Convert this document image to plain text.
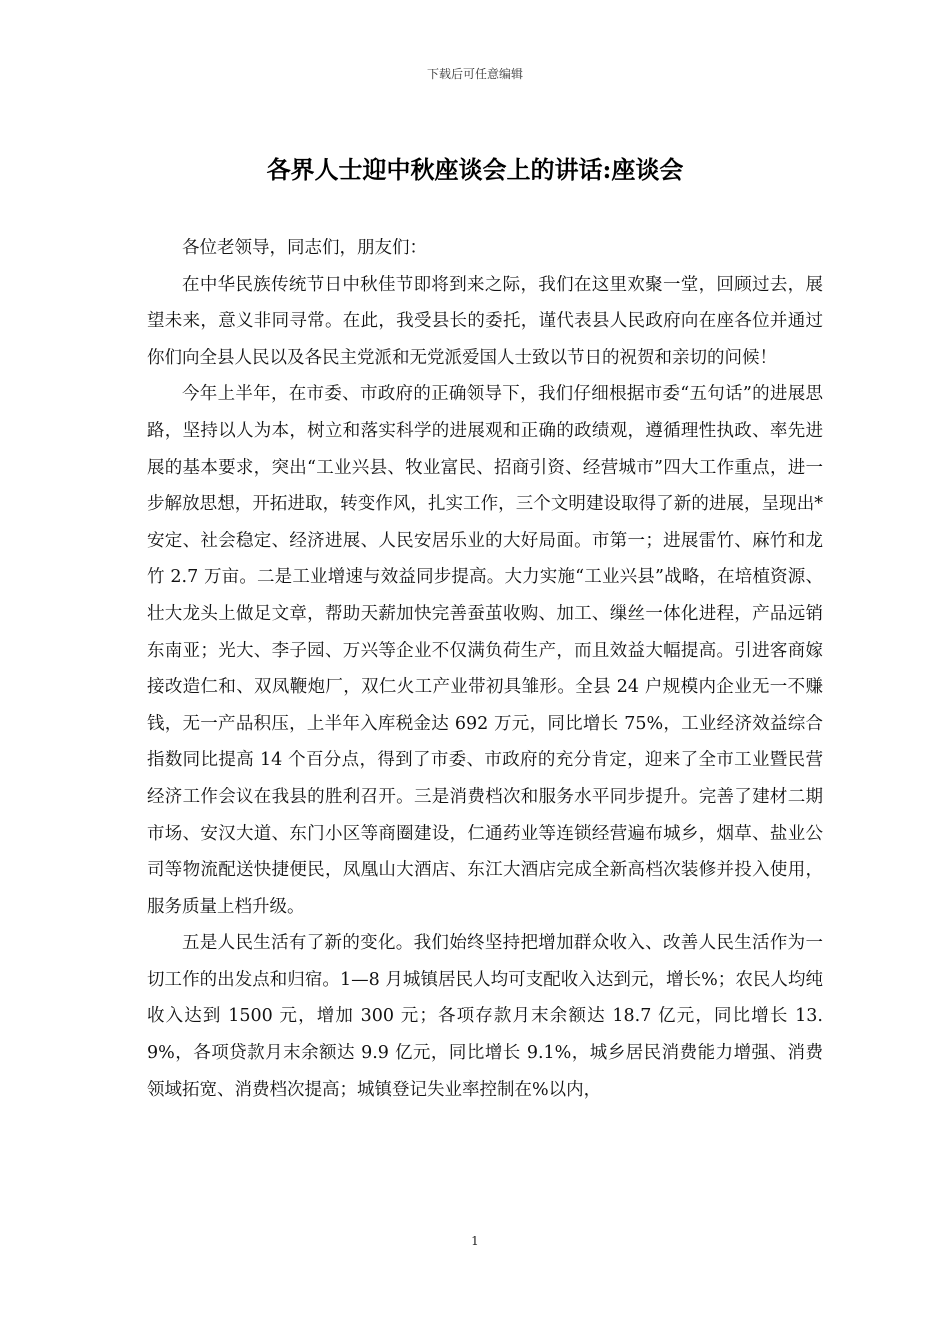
下载后可任意编辑
各界人士迎中秋座谈会上的讲话:座谈会

各位老领导，同志们，朋友们：

在中华民族传统节日中秋佳节即将到来之际，我们在这里欢聚一堂，回顾过去，展望未来，意义非同寻常。在此，我受县长的委托，谨代表县人民政府向在座各位并通过你们向全县人民以及各民主党派和无党派爱国人士致以节日的祝贺和亲切的问候！

今年上半年，在市委、市政府的正确领导下，我们仔细根据市委“五句话”的进展思路，坚持以人为本，树立和落实科学的进展观和正确的政绩观，遵循理性执政、率先进展的基本要求，突出“工业兴县、牧业富民、招商引资、经营城市”四大工作重点，进一步解放思想，开拓进取，转变作风，扎实工作，三个文明建设取得了新的进展，呈现出*安定、社会稳定、经济进展、人民安居乐业的大好局面。市第一；进展雷竹、麻竹和龙竹 2.7 万亩。二是工业增速与效益同步提高。大力实施“工业兴县”战略，在培植资源、壮大龙头上做足文章，帮助天薪加快完善蚕茧收购、加工、缫丝一体化进程，产品远销东南亚；光大、李子园、万兴等企业不仅满负荷生产，而且效益大幅提高。引进客商嫁接改造仁和、双凤鞭炮厂，双仁火工产业带初具雏形。全县 24 户规模内企业无一不赚钱，无一产品积压，上半年入库税金达 692 万元，同比增长 75%，工业经济效益综合指数同比提高 14 个百分点，得到了市委、市政府的充分肯定，迎来了全市工业暨民营经济工作会议在我县的胜利召开。三是消费档次和服务水平同步提升。完善了建材二期市场、安汉大道、东门小区等商圈建设，仁通药业等连锁经营遍布城乡，烟草、盐业公司等物流配送快捷便民，凤凰山大酒店、东江大酒店完成全新高档次装修并投入使用，服务质量上档升级。

五是人民生活有了新的变化。我们始终坚持把增加群众收入、改善人民生活作为一切工作的出发点和归宿。1—8 月城镇居民人均可支配收入达到元，增长%；农民人均纯收入达到 1500 元，增加 300 元；各项存款月末余额达 18.7 亿元，同比增长 13.9%，各项贷款月末余额达 9.9 亿元，同比增长 9.1%，城乡居民消费能力增强、消费领域拓宽、消费档次提高；城镇登记失业率控制在%以内，

1
